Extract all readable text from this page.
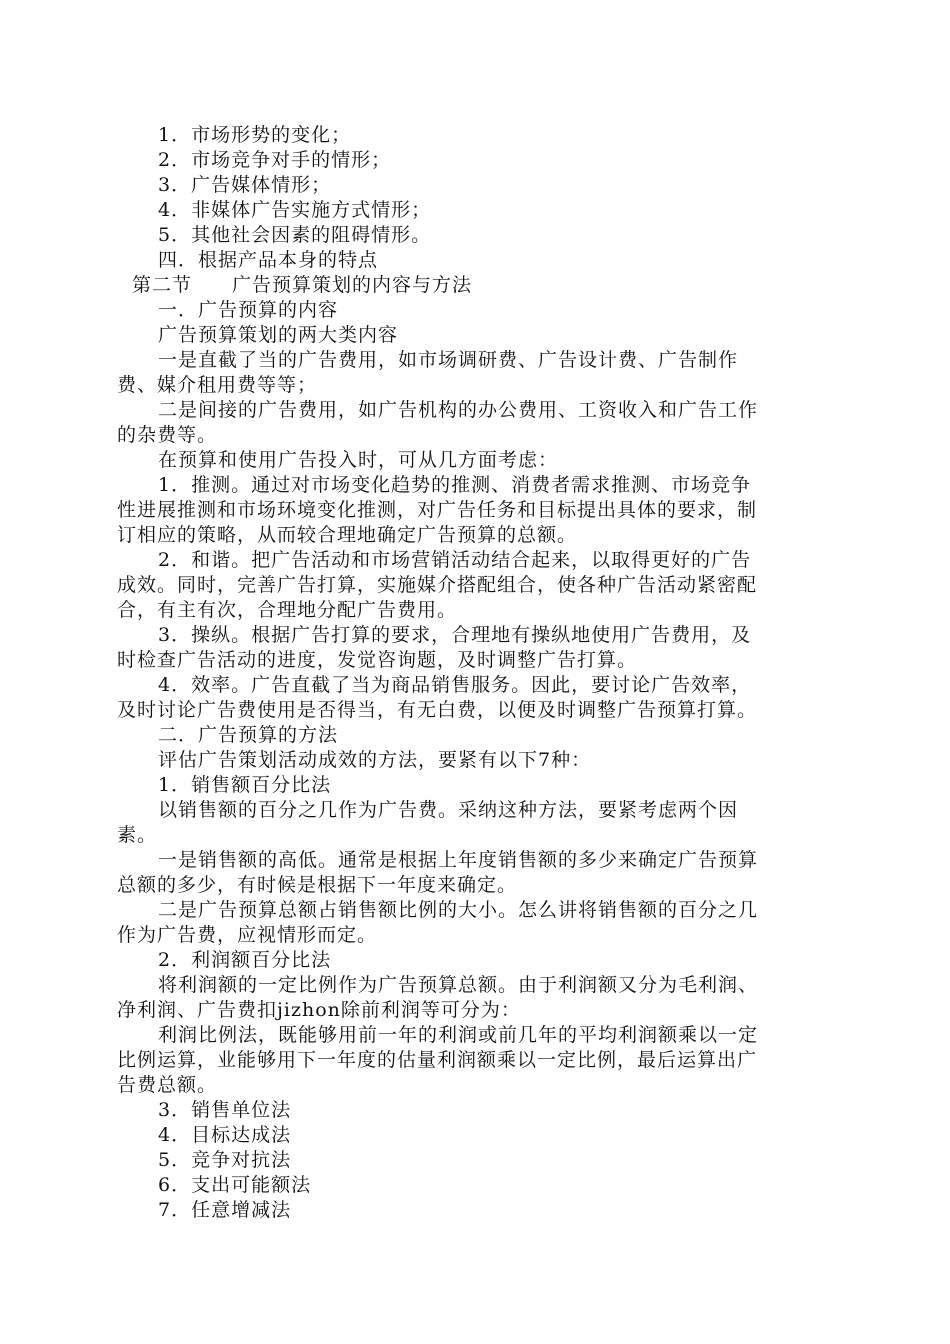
1．市场形势的变化；
2．市场竞争对手的情形；
3．广告媒体情形；
4．非媒体广告实施方式情形；
5．其他社会因素的阻碍情形。
四．根据产品本身的特点
第二节　　广告预算策划的内容与方法
一．广告预算的内容
广告预算策划的两大类内容
一是直截了当的广告费用，如市场调研费、广告设计费、广告制作
费、媒介租用费等等；
二是间接的广告费用，如广告机构的办公费用、工资收入和广告工作
的杂费等。
在预算和使用广告投入时，可从几方面考虑：
1．推测。通过对市场变化趋势的推测、消费者需求推测、市场竞争
性进展推测和市场环境变化推测，对广告任务和目标提出具体的要求，制
订相应的策略，从而较合理地确定广告预算的总额。
2．和谐。把广告活动和市场营销活动结合起来，以取得更好的广告
成效。同时，完善广告打算，实施媒介搭配组合，使各种广告活动紧密配
合，有主有次，合理地分配广告费用。
3．操纵。根据广告打算的要求，合理地有操纵地使用广告费用，及
时检查广告活动的进度，发觉咨询题，及时调整广告打算。
4．效率。广告直截了当为商品销售服务。因此，要讨论广告效率，
及时讨论广告费使用是否得当，有无白费，以便及时调整广告预算打算。
二．广告预算的方法
评估广告策划活动成效的方法，要紧有以下7种：
1．销售额百分比法
以销售额的百分之几作为广告费。采纳这种方法，要紧考虑两个因
素。
一是销售额的高低。通常是根据上年度销售额的多少来确定广告预算
总额的多少，有时候是根据下一年度来确定。
二是广告预算总额占销售额比例的大小。怎么讲将销售额的百分之几
作为广告费，应视情形而定。
2．利润额百分比法
将利润额的一定比例作为广告预算总额。由于利润额又分为毛利润、
净利润、广告费扣jizhon除前利润等可分为：
利润比例法，既能够用前一年的利润或前几年的平均利润额乘以一定
比例运算，业能够用下一年度的估量利润额乘以一定比例，最后运算出广
告费总额。
3．销售单位法
4．目标达成法
5．竞争对抗法
6．支出可能额法
7．任意增减法
